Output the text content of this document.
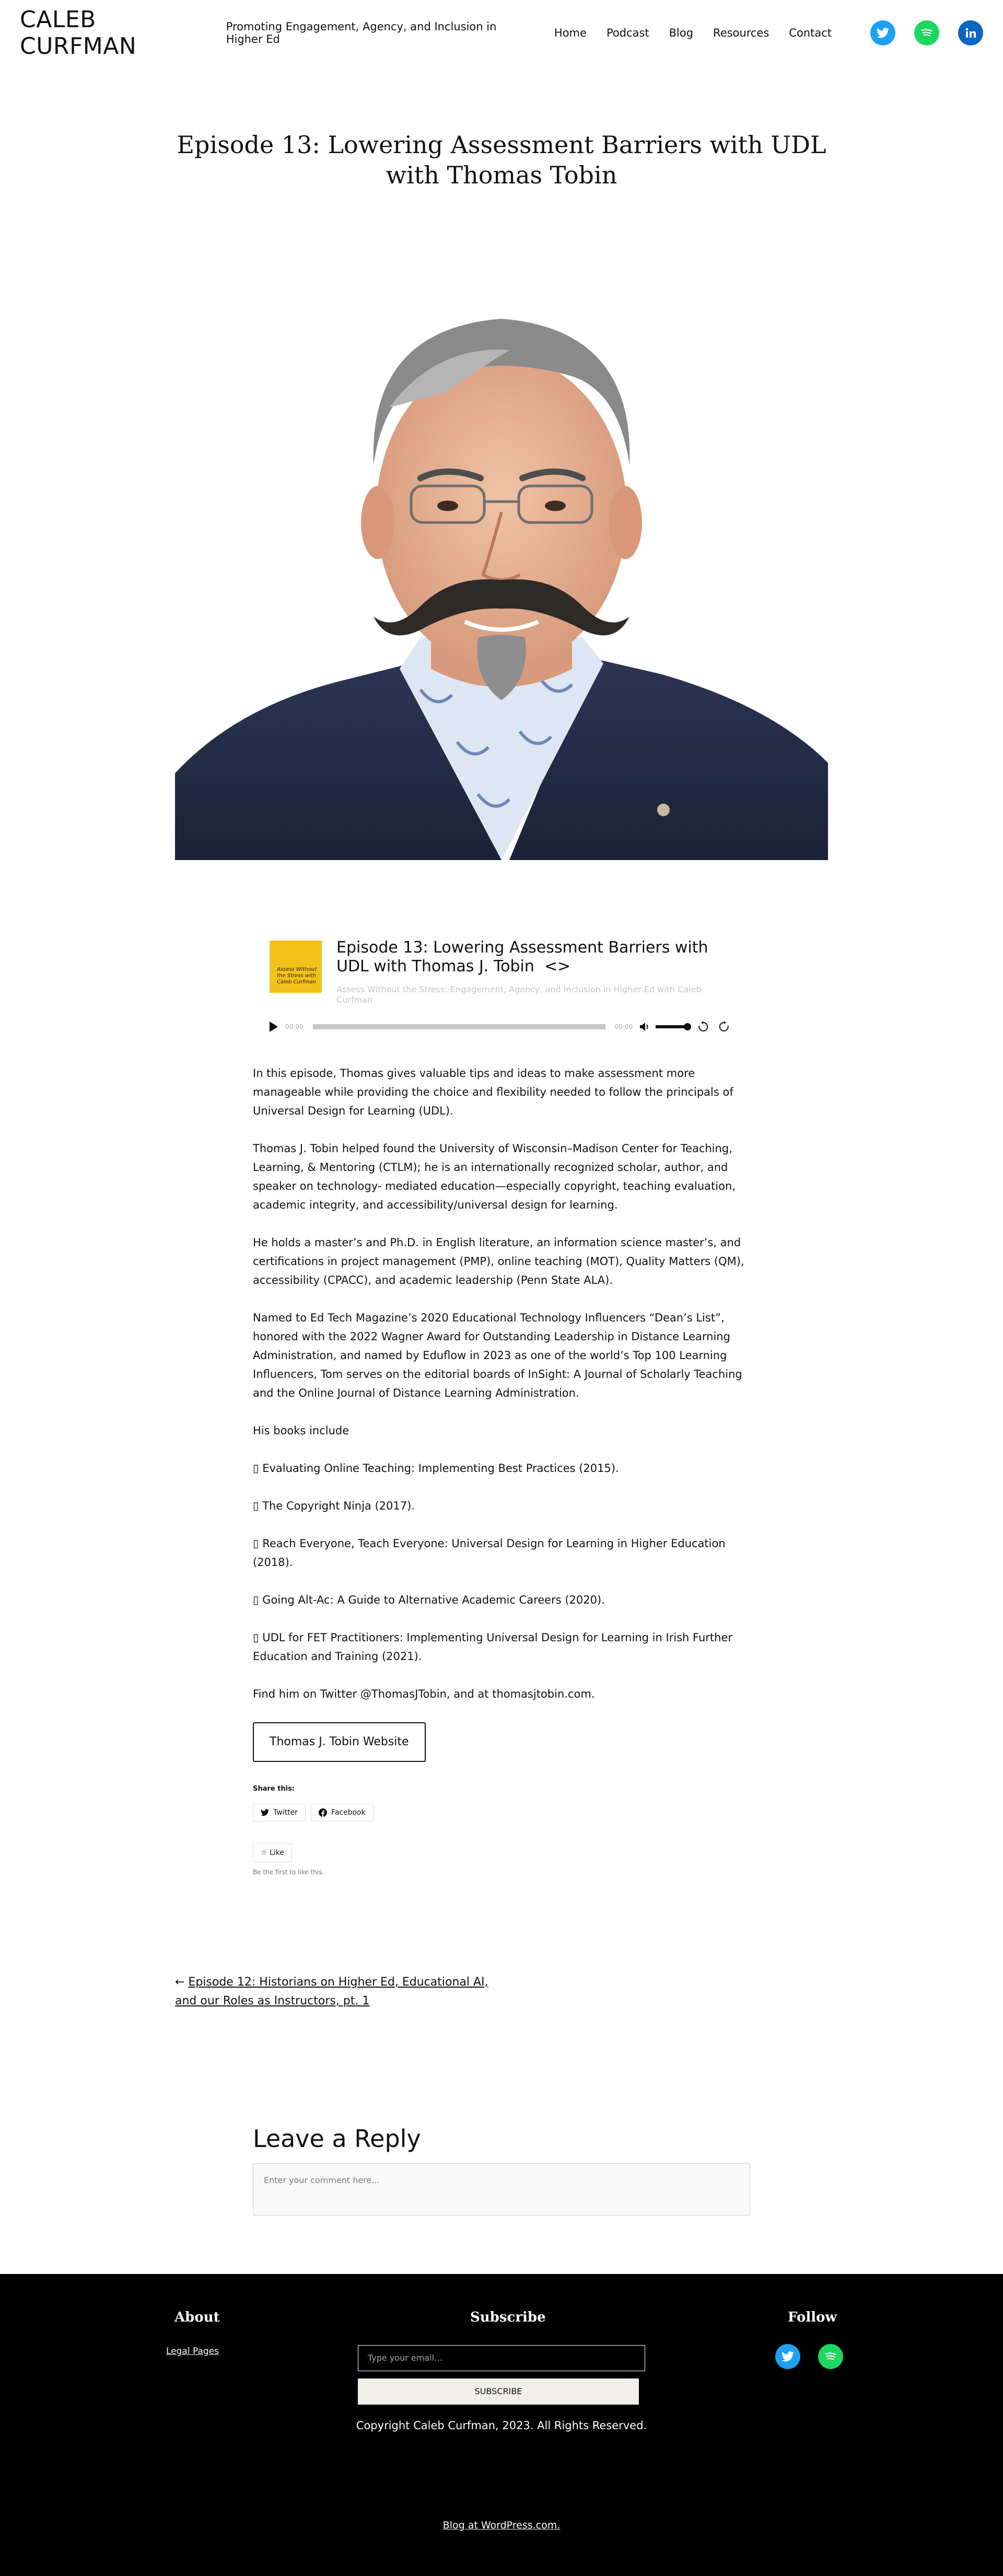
CALEB CURFMAN
Promoting Engagement, Agency, and Inclusion in Higher Ed	Home Podcast Blog Resources Contact
Episode 13: Lowering Assessment Barriers with UDL with Thomas Tobin
Assess Without the Stress with Caleb Curfman
Episode 13: Lowering Assessment Barriers with UDL with Thomas J. Tobin  <>
Assess Without the Stress: Engagement, Agency, and Inclusion in Higher Ed with Caleb Curfman
00:00	00:00

In this episode, Thomas gives valuable tips and ideas to make assessment more manageable while providing the choice and flexibility needed to follow the principals of Universal Design for Learning (UDL).

Thomas J. Tobin helped found the University of Wisconsin–Madison Center for Teaching, Learning, & Mentoring (CTLM); he is an internationally recognized scholar, author, and speaker on technology- mediated education—especially copyright, teaching evaluation, academic integrity, and accessibility/universal design for learning.

He holds a master’s and Ph.D. in English literature, an information science master’s, and certifications in project management (PMP), online teaching (MOT), Quality Matters (QM), accessibility (CPACC), and academic leadership (Penn State ALA).

Named to Ed Tech Magazine’s 2020 Educational Technology Influencers “Dean’s List”, honored with the 2022 Wagner Award for Outstanding Leadership in Distance Learning Administration, and named by Eduflow in 2023 as one of the world’s Top 100 Learning Influencers, Tom serves on the editorial boards of InSight: A Journal of Scholarly Teaching and the Online Journal of Distance Learning Administration.

His books include

▯ Evaluating Online Teaching: Implementing Best Practices (2015).

▯ The Copyright Ninja (2017).

▯ Reach Everyone, Teach Everyone: Universal Design for Learning in Higher Education (2018).

▯ Going Alt-Ac: A Guide to Alternative Academic Careers (2020).

▯ UDL for FET Practitioners: Implementing Universal Design for Learning in Irish Further Education and Training (2021).

Find him on Twitter @ThomasJTobin, and at thomasjtobin.com.

Thomas J. Tobin Website
Share this:
Twitter	Facebook
☆ Like
Be the first to like this.
← Episode 12: Historians on Higher Ed, Educational AI, and our Roles as Instructors, pt. 1
Leave a Reply
Enter your comment here...
About
Legal Pages
Subscribe
Type your email…
SUBSCRIBE
Follow
Copyright Caleb Curfman, 2023. All Rights Reserved.
Blog at WordPress.com.
